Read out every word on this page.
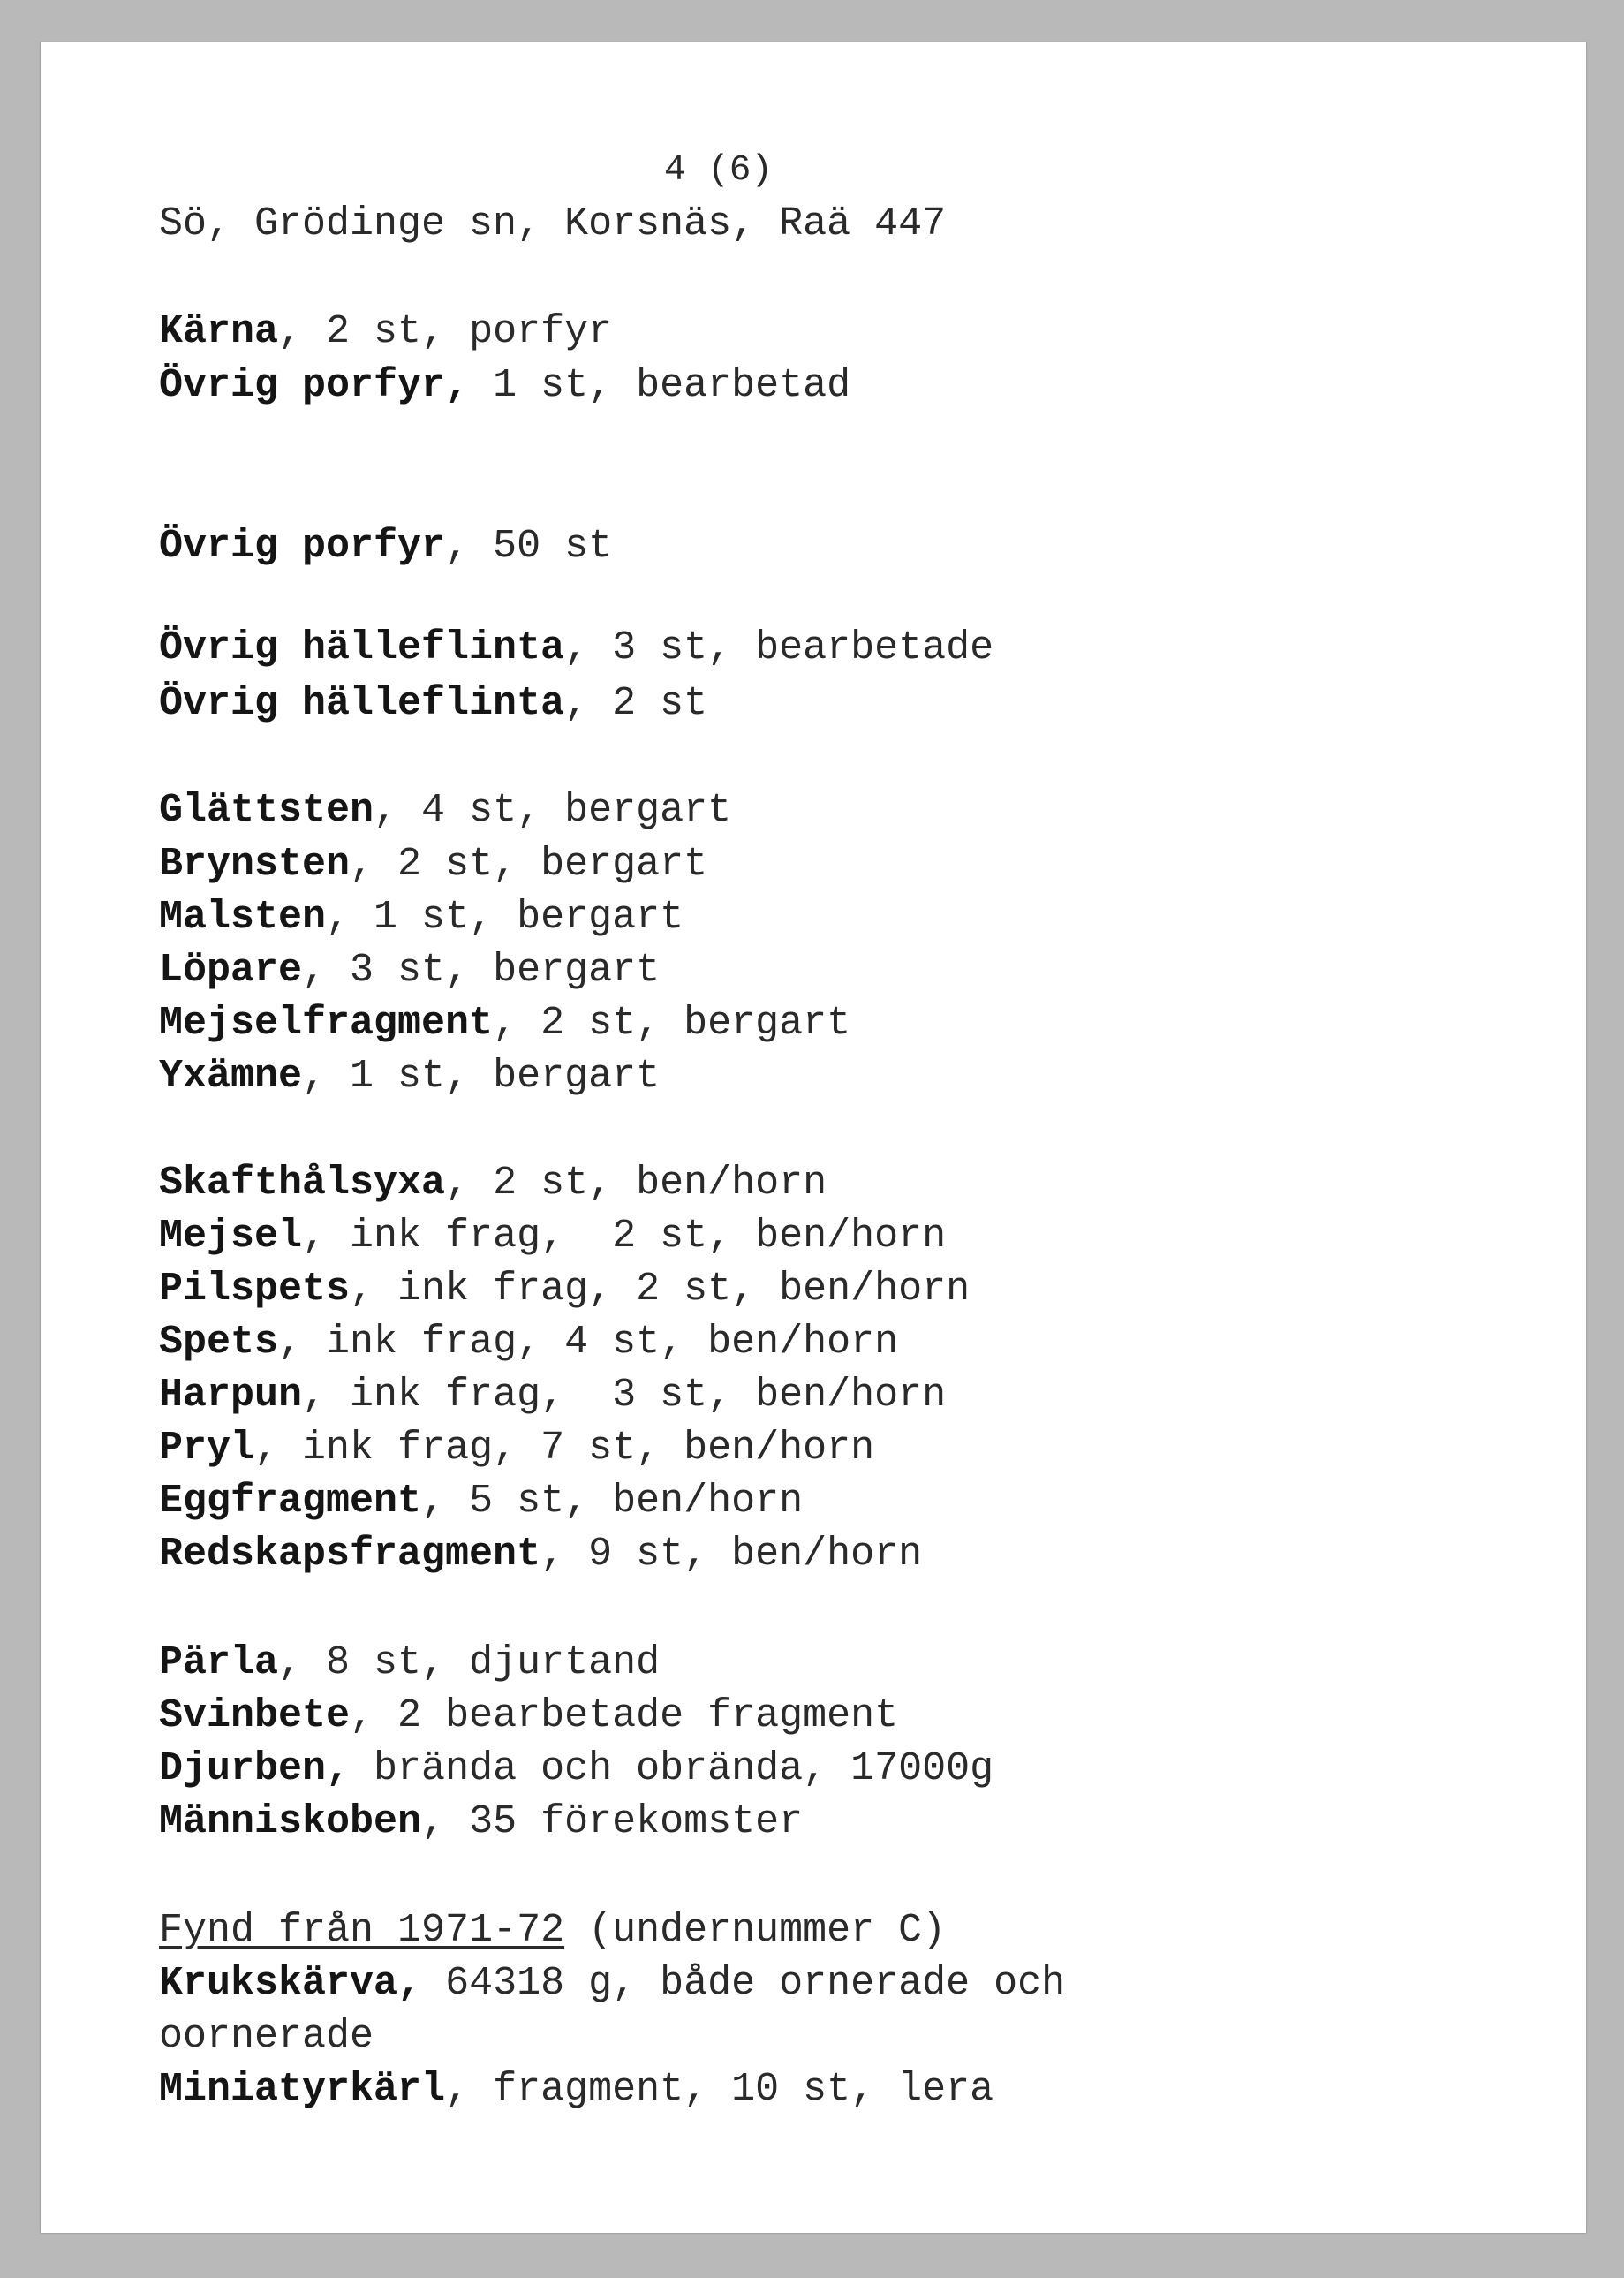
4 (6)
Sö, Grödinge sn, Korsnäs, Raä 447
Kärna, 2 st, porfyr
Övrig porfyr, 1 st, bearbetad
Övrig porfyr, 50 st
Övrig hälleflinta, 3 st, bearbetade
Övrig hälleflinta, 2 st
Glättsten, 4 st, bergart
Brynsten, 2 st, bergart
Malsten, 1 st, bergart
Löpare, 3 st, bergart
Mejselfragment, 2 st, bergart
Yxämne, 1 st, bergart
Skafthålsyxa, 2 st, ben/horn
Mejsel, ink frag,  2 st, ben/horn
Pilspets, ink frag, 2 st, ben/horn
Spets, ink frag, 4 st, ben/horn
Harpun, ink frag,  3 st, ben/horn
Pryl, ink frag, 7 st, ben/horn
Eggfragment, 5 st, ben/horn
Redskapsfragment, 9 st, ben/horn
Pärla, 8 st, djurtand
Svinbete, 2 bearbetade fragment
Djurben, brända och obrända, 17000g
Människoben, 35 förekomster
Fynd från 1971-72 (undernummer C)
Krukskärva, 64318 g, både ornerade och
oornerade
Miniatyrkärl, fragment, 10 st, lera
